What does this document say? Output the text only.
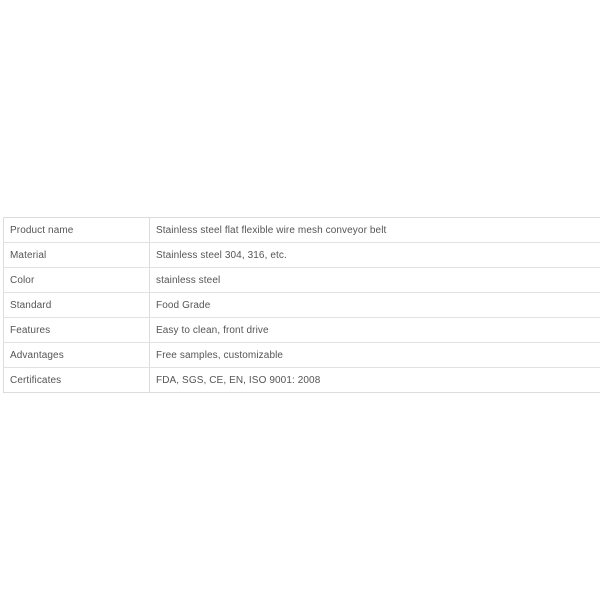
Product name	Stainless steel flat flexible wire mesh conveyor belt
Material	Stainless steel 304, 316, etc.
Color	stainless steel
Standard	Food Grade
Features	Easy to clean, front drive
Advantages	Free samples, customizable
Certificates	FDA, SGS, CE, EN, ISO 9001: 2008
